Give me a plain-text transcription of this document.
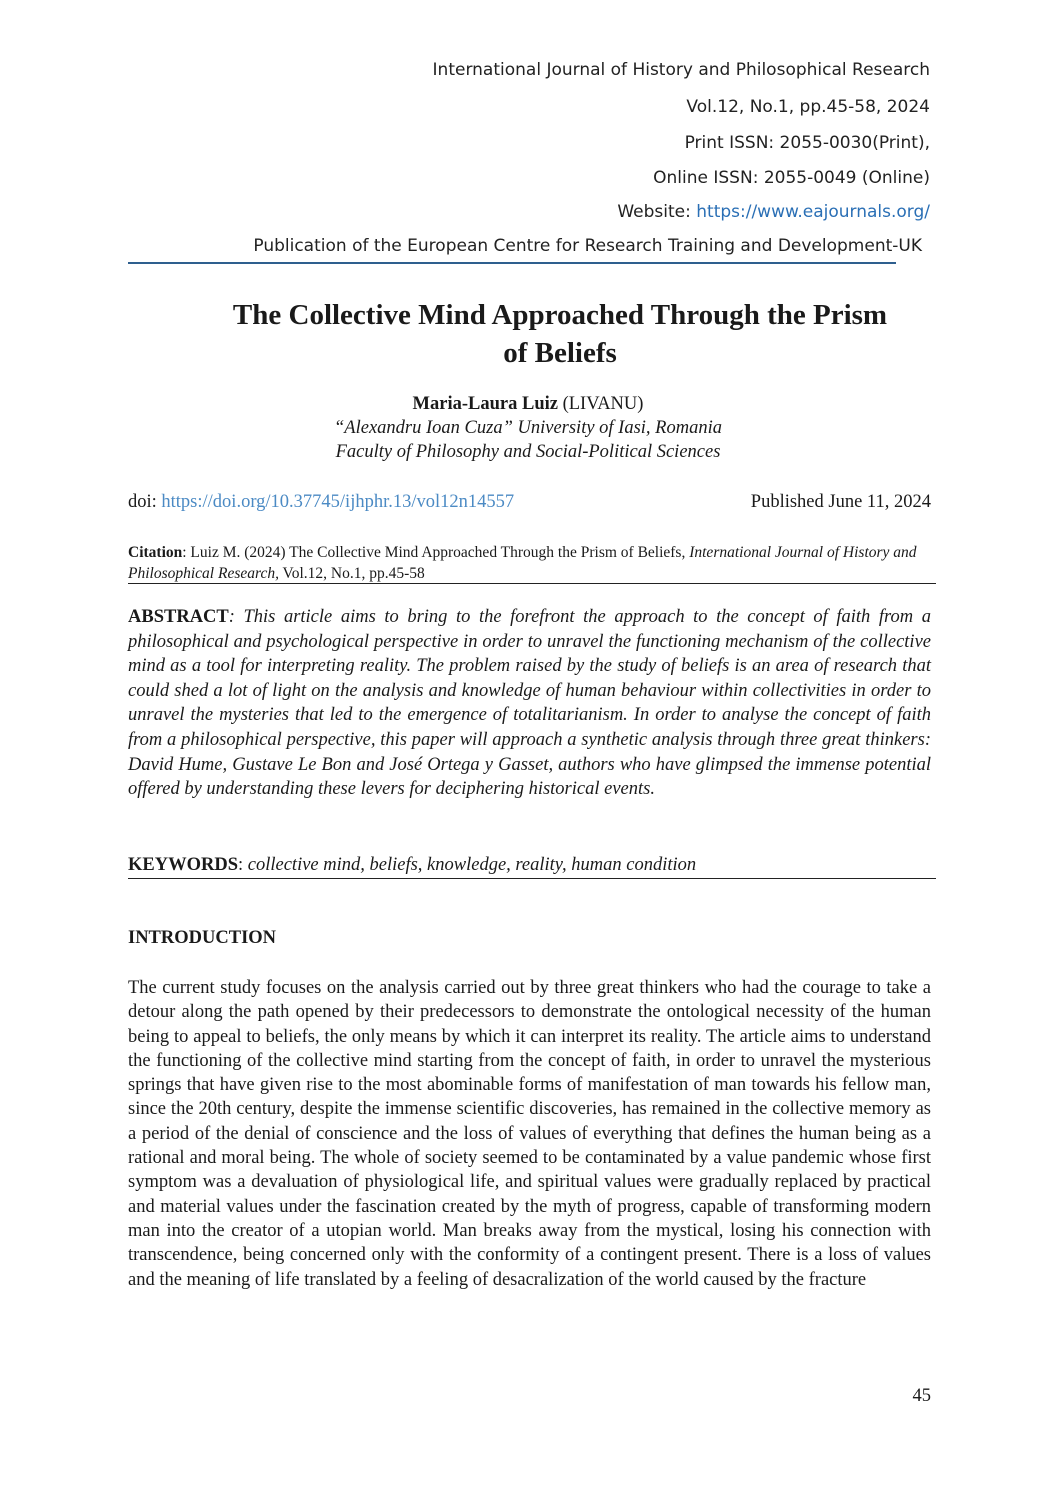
International Journal of History and Philosophical Research
Vol.12, No.1, pp.45-58, 2024
Print ISSN: 2055-0030(Print),
Online ISSN: 2055-0049 (Online)
Website: https://www.eajournals.org/
Publication of the European Centre for Research Training and Development-UK
The Collective Mind Approached Through the Prism
of Beliefs
Maria-Laura Luiz (LIVANU)
“Alexandru Ioan Cuza” University of Iasi, Romania
Faculty of Philosophy and Social-Political Sciences
doi: https://doi.org/10.37745/ijhphr.13/vol12n14557	Published June 11, 2024
Citation: Luiz M. (2024) The Collective Mind Approached Through the Prism of Beliefs, International Journal of History and Philosophical Research, Vol.12, No.1, pp.45-58
ABSTRACT: This article aims to bring to the forefront the approach to the concept of faith from a philosophical and psychological perspective in order to unravel the functioning mechanism of the collective mind as a tool for interpreting reality. The problem raised by the study of beliefs is an area of research that could shed a lot of light on the analysis and knowledge of human behaviour within collectivities in order to unravel the mysteries that led to the emergence of totalitarianism. In order to analyse the concept of faith from a philosophical perspective, this paper will approach a synthetic analysis through three great thinkers: David Hume, Gustave Le Bon and José Ortega y Gasset, authors who have glimpsed the immense potential offered by understanding these levers for deciphering historical events.
KEYWORDS: collective mind, beliefs, knowledge, reality, human condition
INTRODUCTION
The current study focuses on the analysis carried out by three great thinkers who had the courage to take a detour along the path opened by their predecessors to demonstrate the ontological necessity of the human being to appeal to beliefs, the only means by which it can interpret its reality. The article aims to understand the functioning of the collective mind starting from the concept of faith, in order to unravel the mysterious springs that have given rise to the most abominable forms of manifestation of man towards his fellow man, since the 20th century, despite the immense scientific discoveries, has remained in the collective memory as a period of the denial of conscience and the loss of values of everything that defines the human being as a rational and moral being. The whole of society seemed to be contaminated by a value pandemic whose first symptom was a devaluation of physiological life, and spiritual values were gradually replaced by practical and material values under the fascination created by the myth of progress, capable of transforming modern man into the creator of a utopian world. Man breaks away from the mystical, losing his connection with transcendence, being concerned only with the conformity of a contingent present. There is a loss of values and the meaning of life translated by a feeling of desacralization of the world caused by the fracture
45
